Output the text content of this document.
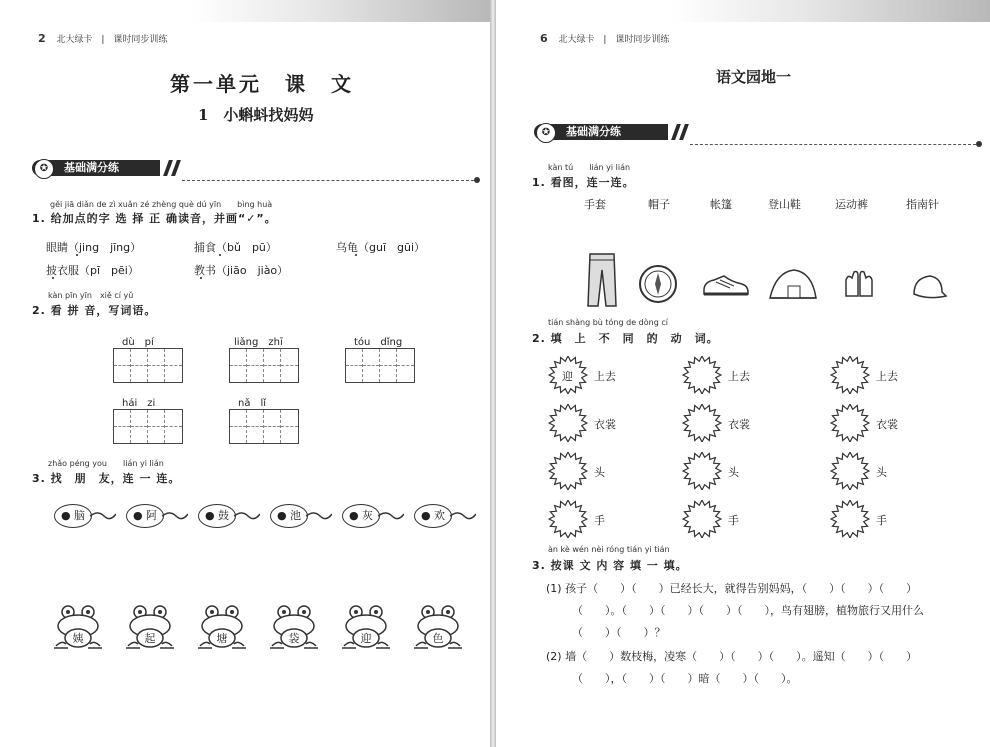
2 北大绿卡 | 课时同步训练
第一单元　课　文
1　小蝌蚪找妈妈
✪	基础满分练
gěi jiā diǎn de zì xuǎn zé zhèng què dú yīn　　bìng huà
1. 给加点的字 选 择 正 确读音，并画“✓”。
眼睛（jing　jīng）	捕食（bǔ　pū）	乌龟（guī　gūi）
披衣服（pī　pēi）	教书（jiāo　jiào）
kàn pīn yīn　xiě cí yǔ
2. 看 拼 音，写词语。
dù　pí	liǎng　zhī	tóu　dǐng
hái　zi	nǎ　lǐ
zhǎo péng you　　lián yi lián
3. 找　朋　友，连 一 连。
● 脑	● 阿	● 鼓	● 池	● 灰	● 欢
姨	起	塘	袋	迎	色
6 北大绿卡 | 课时同步训练
语文园地一
✪	基础满分练
kàn tú　　lián yi lián
1. 看图，连一连。
手套	帽子	帐篷	登山鞋	运动裤	指南针
tián shàng bù tóng de dòng cí
2. 填　上　不　同　的　动　词。
迎 上去	上去	上去
衣裳	衣裳	衣裳
头	头	头
手	手	手
àn kè wén nèi róng tián yi tián
3. 按课 文 内 容 填 一 填。
(1) 孩子（　　）（　　）已经长大，就得告别妈妈，（　　）（　　）（　　）
（　　）。（　　）（　　）（　　）（　　），鸟有翅膀，植物旅行又用什么
（　　）（　　）？
(2) 墙（　　）数枝梅，凌寒（　　）（　　）（　　）。遥知（　　）（　　）
（　　），（　　）（　　）暗（　　）（　　）。
